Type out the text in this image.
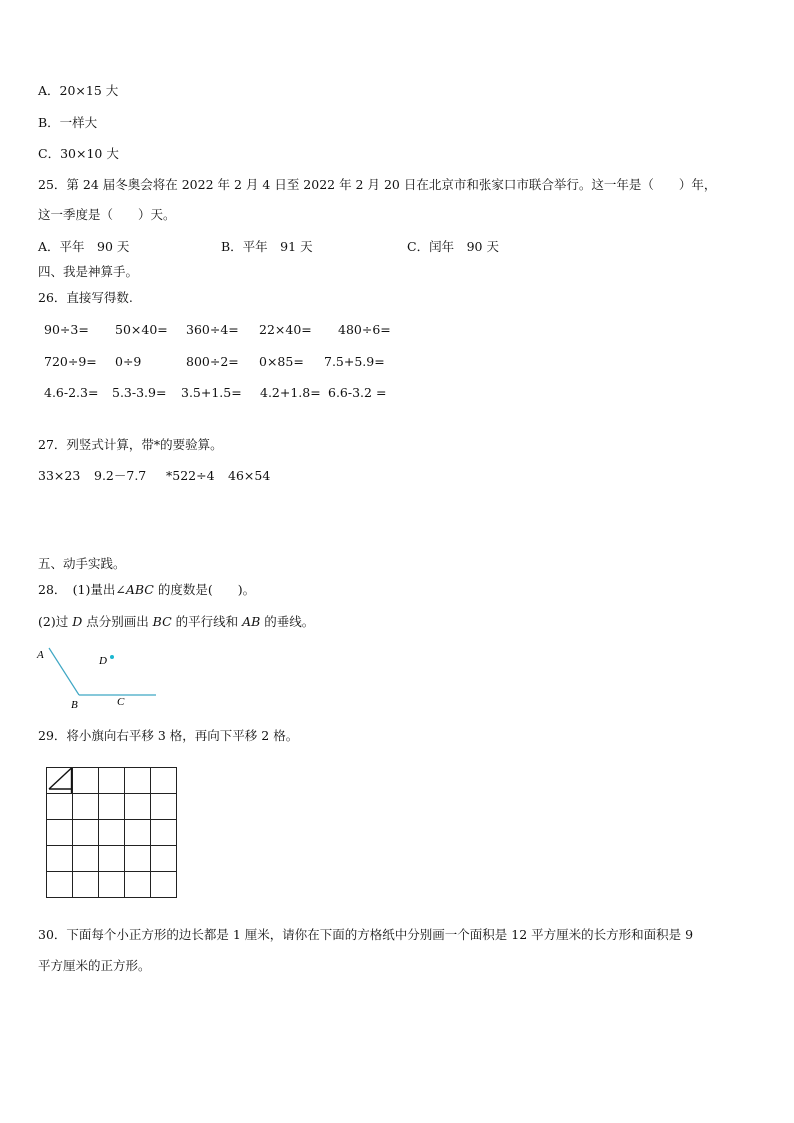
A．20×15 大
B．一样大
C．30×10 大
25．第 24 届冬奥会将在 2022 年 2 月 4 日至 2022 年 2 月 20 日在北京市和张家口市联合举行。这一年是（　　）年，
这一季度是（　　）天。
A．平年　90 天	B．平年　91 天	C．闰年　90 天
四、我是神算手。
26．直接写得数.
90÷3= 50×40= 360÷4= 22×40= 480÷6=
720÷9= 0÷9	800÷2= 0×85= 7.5+5.9=
4.6-2.3= 5.3-3.9= 3.5+1.5= 4.2+1.8= 6.6-3.2 =
27．列竖式计算，带*的要验算。
33×23 9.2－7.7 *522÷4 46×54
五、动手实践。
28．　(1)量出∠ABC 的度数是(　　)。
(2)过 D 点分别画出 BC 的平行线和 AB 的垂线。
A	D
B	C
29．将小旗向右平移 3 格，再向下平移 2 格。
30．下面每个小正方形的边长都是 1 厘米，请你在下面的方格纸中分别画一个面积是 12 平方厘米的长方形和面积是 9
平方厘米的正方形。
